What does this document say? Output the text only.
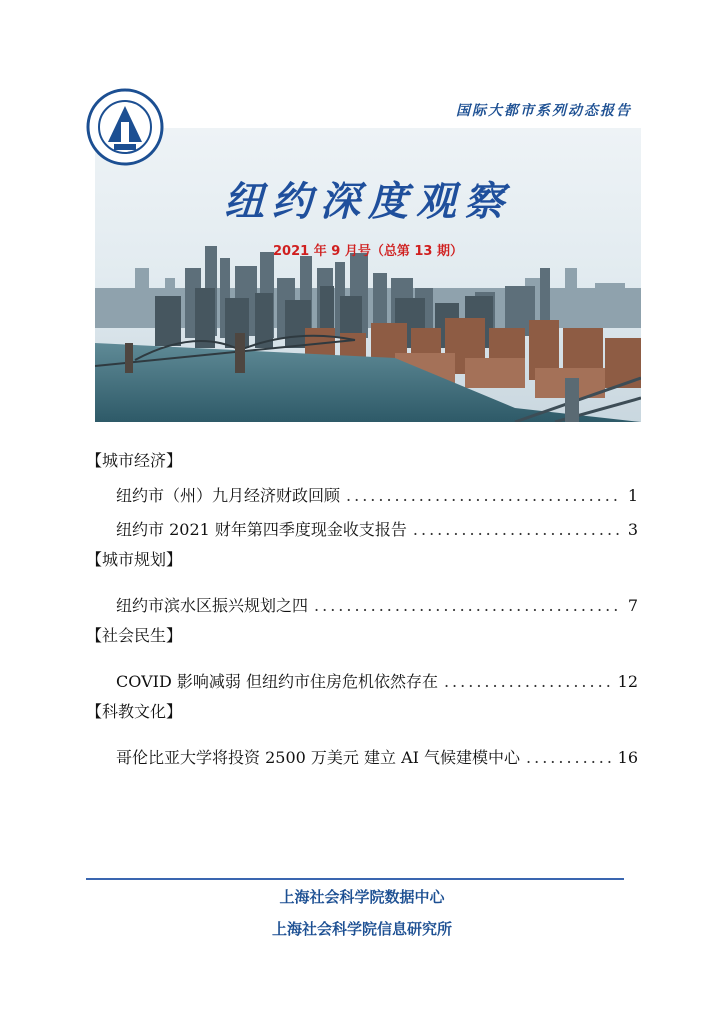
国际大都市系列动态报告
纽约深度观察
2021 年 9 月号（总第 13 期）
【城市经济】
纽约市（州）九月经济财政回顾 .....	1
纽约市 2021 财年第四季度现金收支报告 .....	3
【城市规划】
纽约市滨水区振兴规划之四 .....	7
【社会民生】
COVID 影响减弱 但纽约市住房危机依然存在 .....	12
【科教文化】
哥伦比亚大学将投资 2500 万美元 建立 AI 气候建模中心 .....	16
上海社会科学院数据中心
上海社会科学院信息研究所
